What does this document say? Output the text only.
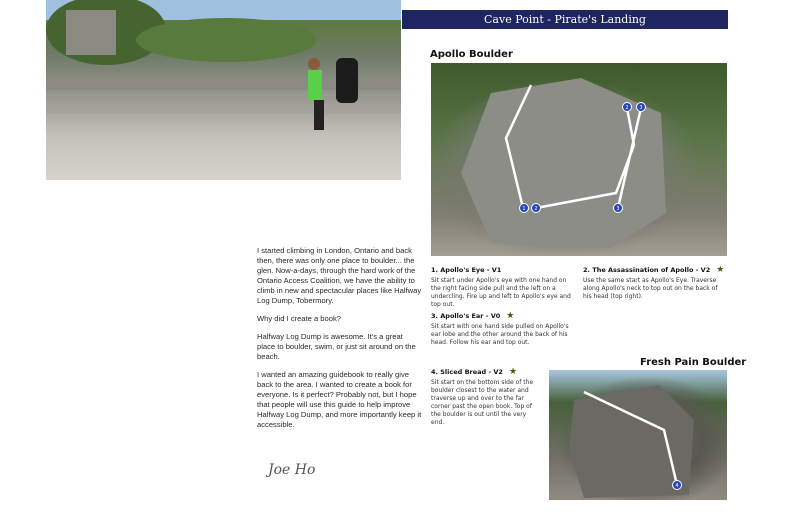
I started climbing in London, Ontario and back then, there was only one place to boulder... the glen. Now-a-days, through the hard work of the Ontario Access Coalition, we have the ability to climb in new and spectacular places like Halfway Log Dump, Tobermory.

Why did I create a book?

Halfway Log Dump is awesome. It's a great place to boulder, swim, or just sit around on the beach.

I wanted an amazing guidebook to really give back to the area. I wanted to create a book for everyone. Is it perfect? Probably not, but I hope that people will use this guide to help improve Halfway Log Dump, and more importantly keep it accessible.

Joe Ho
Cave Point - Pirate's Landing
Apollo Boulder
1 2
2 3
3
1. Apollo's Eye - V1
Sit start under Apollo's eye with one hand on the right facing side pull and the left on a undercling. Fire up and left to Apollo's eye and top out.
2. The Assassination of Apollo - V2 ★
Use the same start as Apollo's Eye. Traverse along Apollo's neck to top out on the back of his head (top right).
3. Apollo's Ear - V0 ★
Sit start with one hand side pulled on Apollo's ear lobe and the other around the back of his head. Follow his ear and top out.
Fresh Pain Boulder
4. Sliced Bread - V2 ★
Sit start on the bottom side of the boulder closest to the water and traverse up and over to the far corner past the open book. Top of the boulder is out until the very end.
4
